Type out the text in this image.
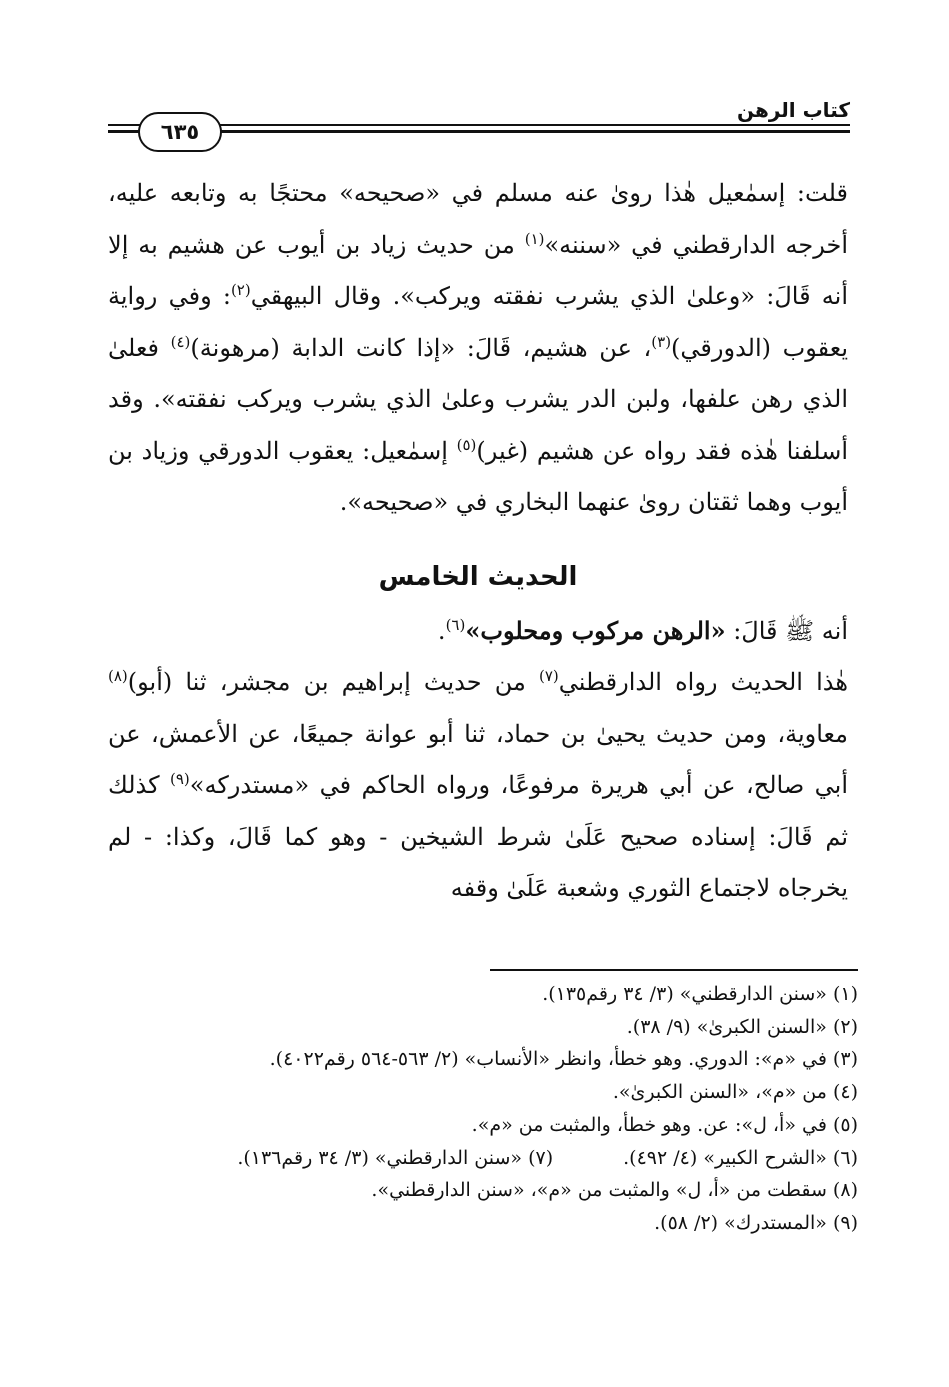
كتاب الرهن
٦٣٥

قلت: إسمٰعيل هٰذا روىٰ عنه مسلم في «صحيحه» محتجًا به وتابعه عليه، أخرجه الدارقطني في «سننه»$^{(١)}$ من حديث زياد بن أيوب عن هشيم به إلا أنه قَالَ: «وعلىٰ الذي يشرب نفقته ويركب». وقال البيهقي$^{(٢)}$: وفي رواية يعقوب (الدورقي)$^{(٣)}$، عن هشيم، قَالَ: «إذا كانت الدابة (مرهونة)$^{(٤)}$ فعلىٰ الذي رهن علفها، ولبن الدر يشرب وعلىٰ الذي يشرب ويركب نفقته». وقد أسلفنا هٰذه فقد رواه عن هشيم (غير)$^{(٥)}$ إسمٰعيل: يعقوب الدورقي وزياد بن أيوب وهما ثقتان روىٰ عنهما البخاري في «صحيحه».

الحديث الخامس

أنه ﷺ قَالَ: «الرهن مركوب ومحلوب»$^{(٦)}$.

هٰذا الحديث رواه الدارقطني$^{(٧)}$ من حديث إبراهيم بن مجشر، ثنا (أبو)$^{(٨)}$ معاوية، ومن حديث يحيىٰ بن حماد، ثنا أبو عوانة جميعًا، عن الأعمش، عن أبي صالح، عن أبي هريرة مرفوعًا، ورواه الحاكم في «مستدركه»$^{(٩)}$ كذلك ثم قَالَ: إسناده صحيح عَلَىٰ شرط الشيخين - وهو كما قَالَ، وكذا: - لم يخرجاه لاجتماع الثوري وشعبة عَلَىٰ وقفه

(١) «سنن الدارقطني» (٣/ ٣٤ رقم١٣٥).
(٢) «السنن الكبرىٰ» (٩/ ٣٨).
(٣) في «م»: الدوري. وهو خطأ، وانظر «الأنساب» (٢/ ٥٦٣-٥٦٤ رقم٤٠٢٢).
(٤) من «م»، «السنن الكبرىٰ».
(٥) في «أ، ل»: عن. وهو خطأ، والمثبت من «م».
(٦) «الشرح الكبير» (٤/ ٤٩٢).(٧) «سنن الدارقطني» (٣/ ٣٤ رقم١٣٦).
(٨) سقطت من «أ، ل» والمثبت من «م»، «سنن الدارقطني».
(٩) «المستدرك» (٢/ ٥٨).
